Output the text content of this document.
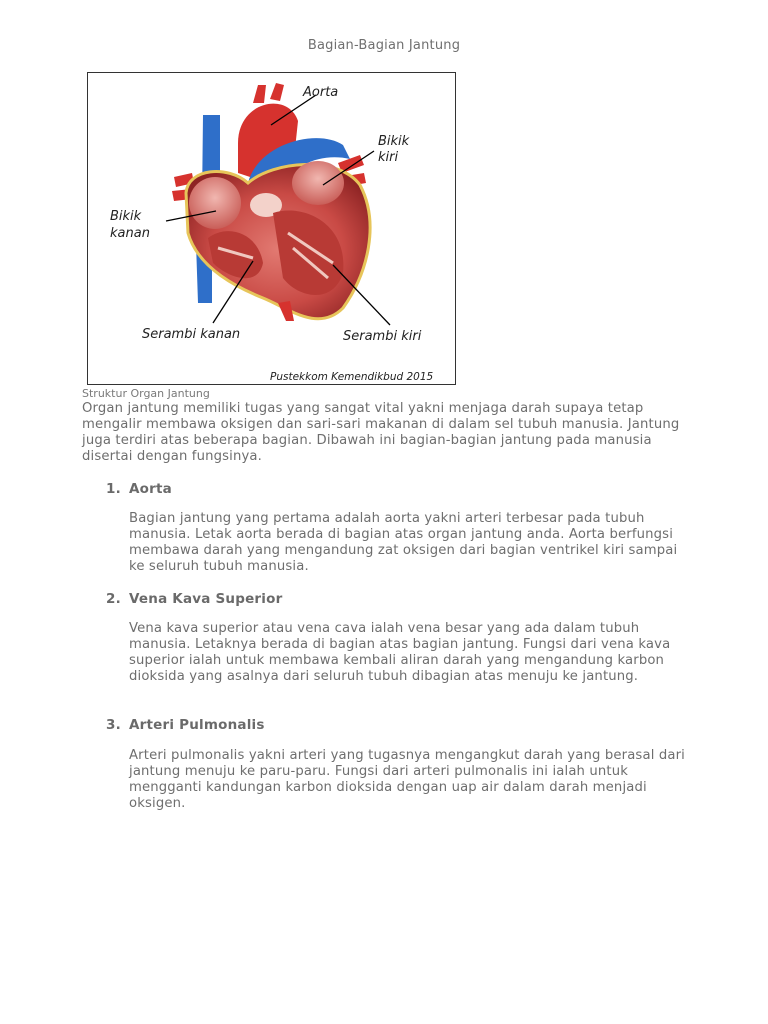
Bagian-Bagian Jantung
Aorta
Bikik
kiri
Bikik
kanan
Serambi kanan	Serambi kiri
Pustekkom Kemendikbud 2015
Struktur Organ Jantung

Organ jantung memiliki tugas yang sangat vital yakni menjaga darah supaya tetap mengalir membawa oksigen dan sari-sari makanan di dalam sel tubuh manusia. Jantung juga terdiri atas beberapa bagian. Dibawah ini bagian-bagian jantung pada manusia disertai dengan fungsinya.

1. Aorta

Bagian jantung yang pertama adalah aorta yakni arteri terbesar pada tubuh manusia. Letak aorta berada di bagian atas organ jantung anda. Aorta berfungsi membawa darah yang mengandung zat oksigen dari bagian ventrikel kiri sampai ke seluruh tubuh manusia.

2. Vena Kava Superior

Vena kava superior atau vena cava ialah vena besar yang ada dalam tubuh manusia. Letaknya berada di bagian atas bagian jantung. Fungsi dari vena kava superior ialah untuk membawa kembali aliran darah yang mengandung karbon dioksida yang asalnya dari seluruh tubuh dibagian atas menuju ke jantung.

3. Arteri Pulmonalis

Arteri pulmonalis yakni arteri yang tugasnya mengangkut darah yang berasal dari jantung menuju ke paru-paru. Fungsi dari arteri pulmonalis ini ialah untuk mengganti kandungan karbon dioksida dengan uap air dalam darah menjadi oksigen.
